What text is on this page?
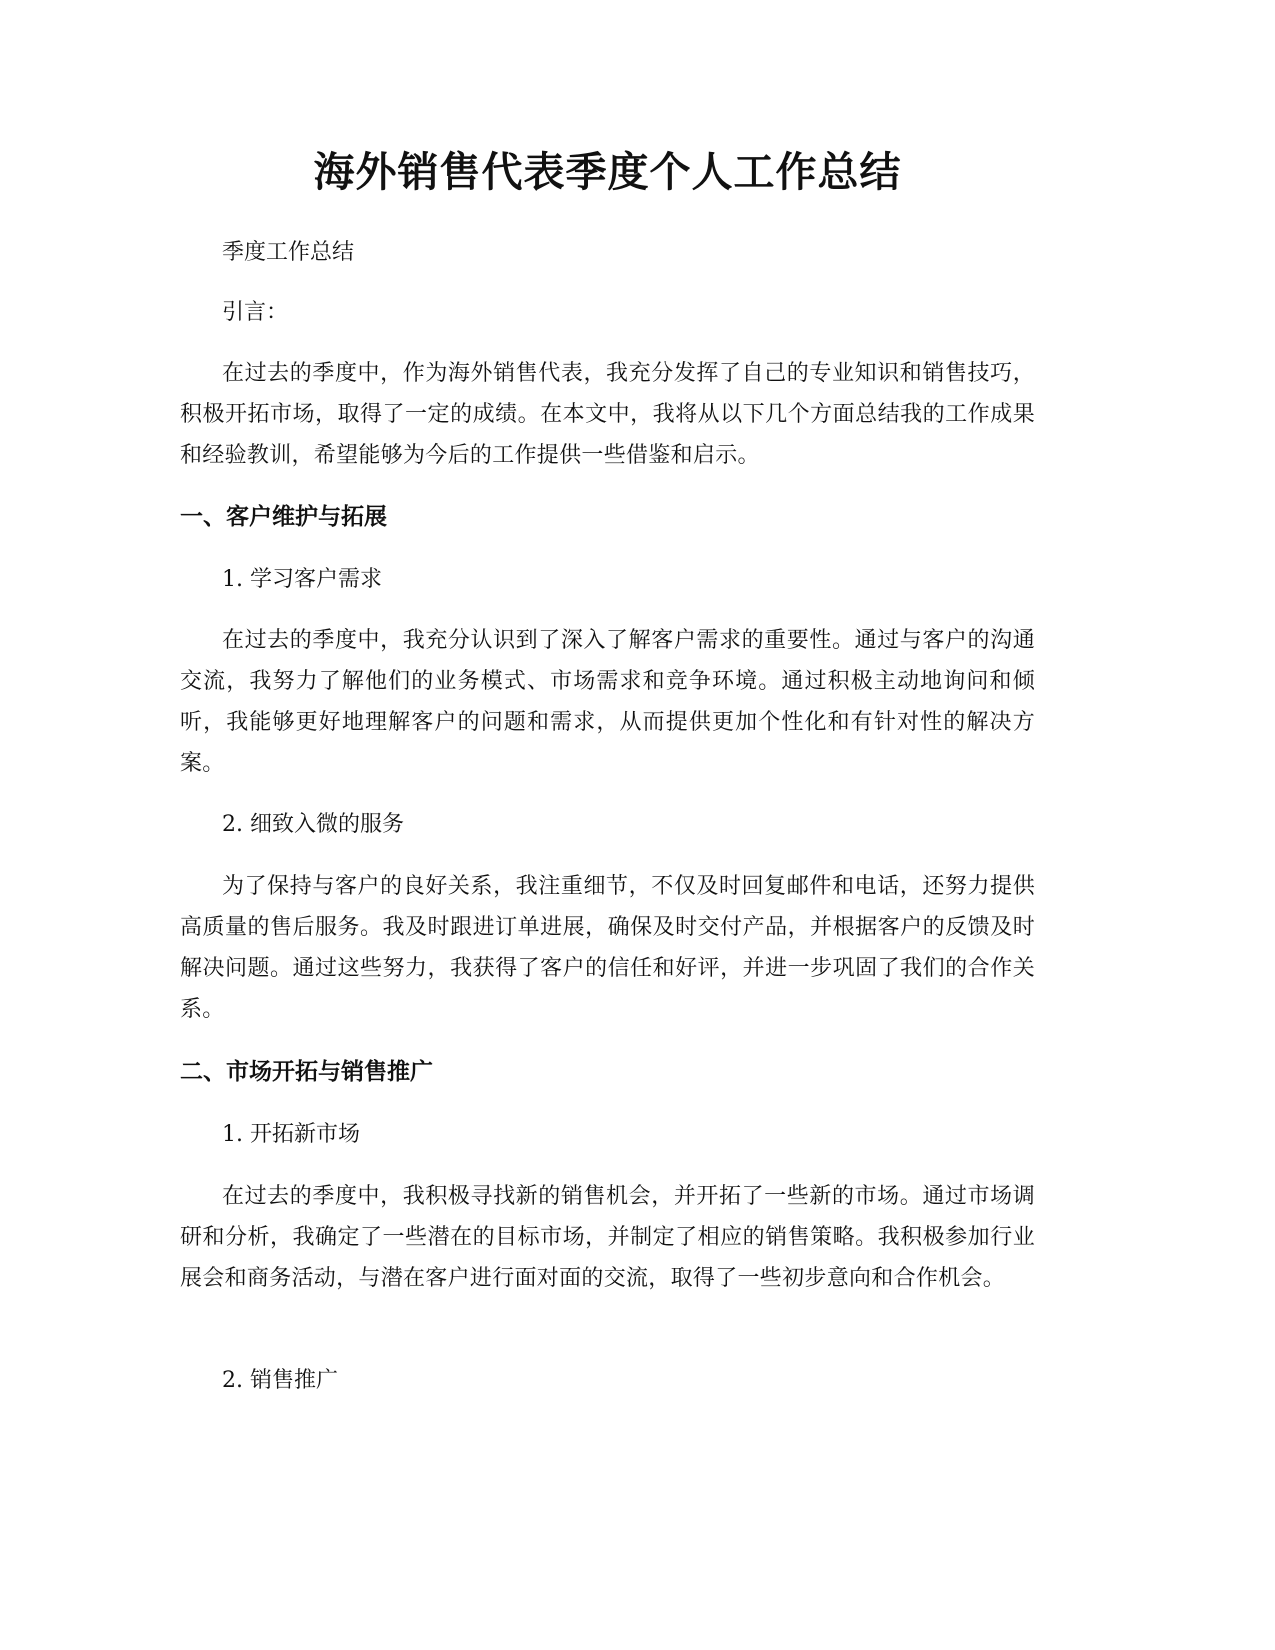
海外销售代表季度个人工作总结

季度工作总结

引言：

在过去的季度中，作为海外销售代表，我充分发挥了自己的专业知识和销售技巧，积极开拓市场，取得了一定的成绩。在本文中，我将从以下几个方面总结我的工作成果和经验教训，希望能够为今后的工作提供一些借鉴和启示。

一、客户维护与拓展

1. 学习客户需求

在过去的季度中，我充分认识到了深入了解客户需求的重要性。通过与客户的沟通交流，我努力了解他们的业务模式、市场需求和竞争环境。通过积极主动地询问和倾听，我能够更好地理解客户的问题和需求，从而提供更加个性化和有针对性的解决方案。

2. 细致入微的服务

为了保持与客户的良好关系，我注重细节，不仅及时回复邮件和电话，还努力提供高质量的售后服务。我及时跟进订单进展，确保及时交付产品，并根据客户的反馈及时解决问题。通过这些努力，我获得了客户的信任和好评，并进一步巩固了我们的合作关系。

二、市场开拓与销售推广

1. 开拓新市场

在过去的季度中，我积极寻找新的销售机会，并开拓了一些新的市场。通过市场调研和分析，我确定了一些潜在的目标市场，并制定了相应的销售策略。我积极参加行业展会和商务活动，与潜在客户进行面对面的交流，取得了一些初步意向和合作机会。

2. 销售推广
